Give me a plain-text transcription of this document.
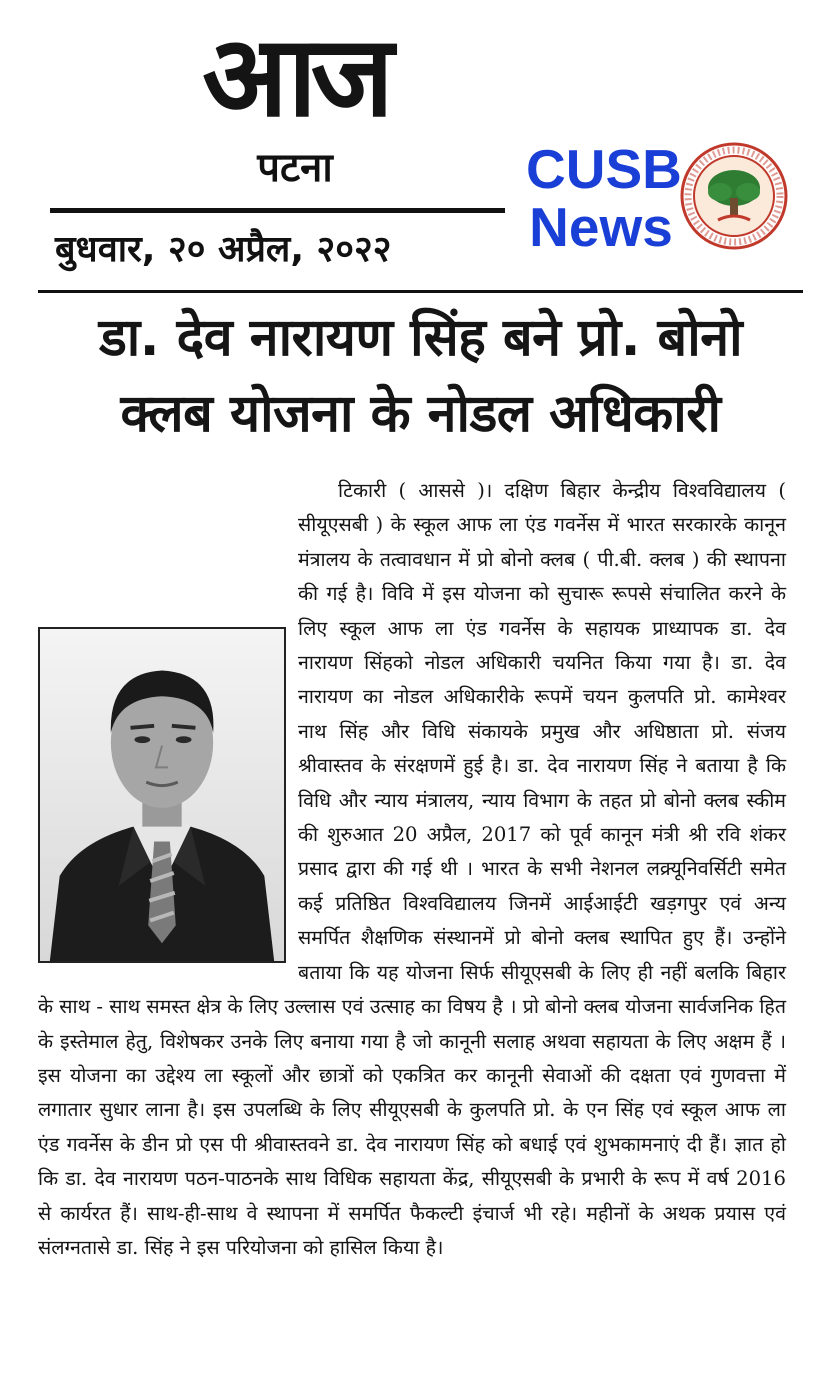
आज
पटना
बुधवार, २० अप्रैल, २०२२
CUSB
News
डा. देव नारायण सिंह बने प्रो. बोनो
क्लब योजना के नोडल अधिकारी
टिकारी ( आससे )। दक्षिण बिहार केन्द्रीय विश्वविद्यालय ( सीयूएसबी ) के स्कूल आफ ला एंड गवर्नेस में भारत सरकारके कानून मंत्रालय के तत्वावधान में प्रो बोनो क्लब ( पी.बी. क्लब ) की स्थापना की गई है। विवि में इस योजना को सुचारू रूपसे संचालित करने के लिए स्कूल आफ ला एंड गवर्नेस के सहायक प्राध्यापक डा. देव नारायण सिंहको नोडल अधिकारी चयनित किया गया है। डा. देव नारायण का नोडल अधिकारीके रूपमें चयन कुलपति प्रो. कामेश्वर नाथ सिंह और विधि संकायके प्रमुख और अधिष्ठाता प्रो. संजय श्रीवास्तव के संरक्षणमें हुई है। डा. देव नारायण सिंह ने बताया है कि विधि और न्याय मंत्रालय, न्याय विभाग के तहत प्रो बोनो क्लब स्कीम की शुरुआत 20 अप्रैल, 2017 को पूर्व कानून मंत्री श्री रवि शंकर प्रसाद द्वारा की गई थी । भारत के सभी नेशनल लक्र्यूनिवर्सिटी समेत कई प्रतिष्ठित विश्वविद्यालय जिनमें आईआईटी खड़गपुर एवं अन्य समर्पित शैक्षणिक संस्थानमें प्रो बोनो क्लब स्थापित हुए हैं। उन्होंने बताया कि यह योजना सिर्फ सीयूएसबी के लिए ही नहीं बलकि बिहार के साथ - साथ समस्त क्षेत्र के लिए उल्लास एवं उत्साह का विषय है । प्रो बोनो क्लब योजना सार्वजनिक हित के इस्तेमाल हेतु, विशेषकर उनके लिए बनाया गया है जो कानूनी सलाह अथवा सहायता के लिए अक्षम हैं । इस योजना का उद्देश्य ला स्कूलों और छात्रों को एकत्रित कर कानूनी सेवाओं की दक्षता एवं गुणवत्ता में लगातार सुधार लाना है। इस उपलब्धि के लिए सीयूएसबी के कुलपति प्रो. के एन सिंह एवं स्कूल आफ ला एंड गवर्नेस के डीन प्रो एस पी श्रीवास्तवने डा. देव नारायण सिंह को बधाई एवं शुभकामनाएं दी हैं। ज्ञात हो कि डा. देव नारायण पठन-पाठनके साथ विधिक सहायता केंद्र, सीयूएसबी के प्रभारी के रूप में वर्ष 2016 से कार्यरत हैं। साथ-ही-साथ वे स्थापना में समर्पित फैकल्टी इंचार्ज भी रहे। महीनों के अथक प्रयास एवं संलग्नतासे डा. सिंह ने इस परियोजना को हासिल किया है।
